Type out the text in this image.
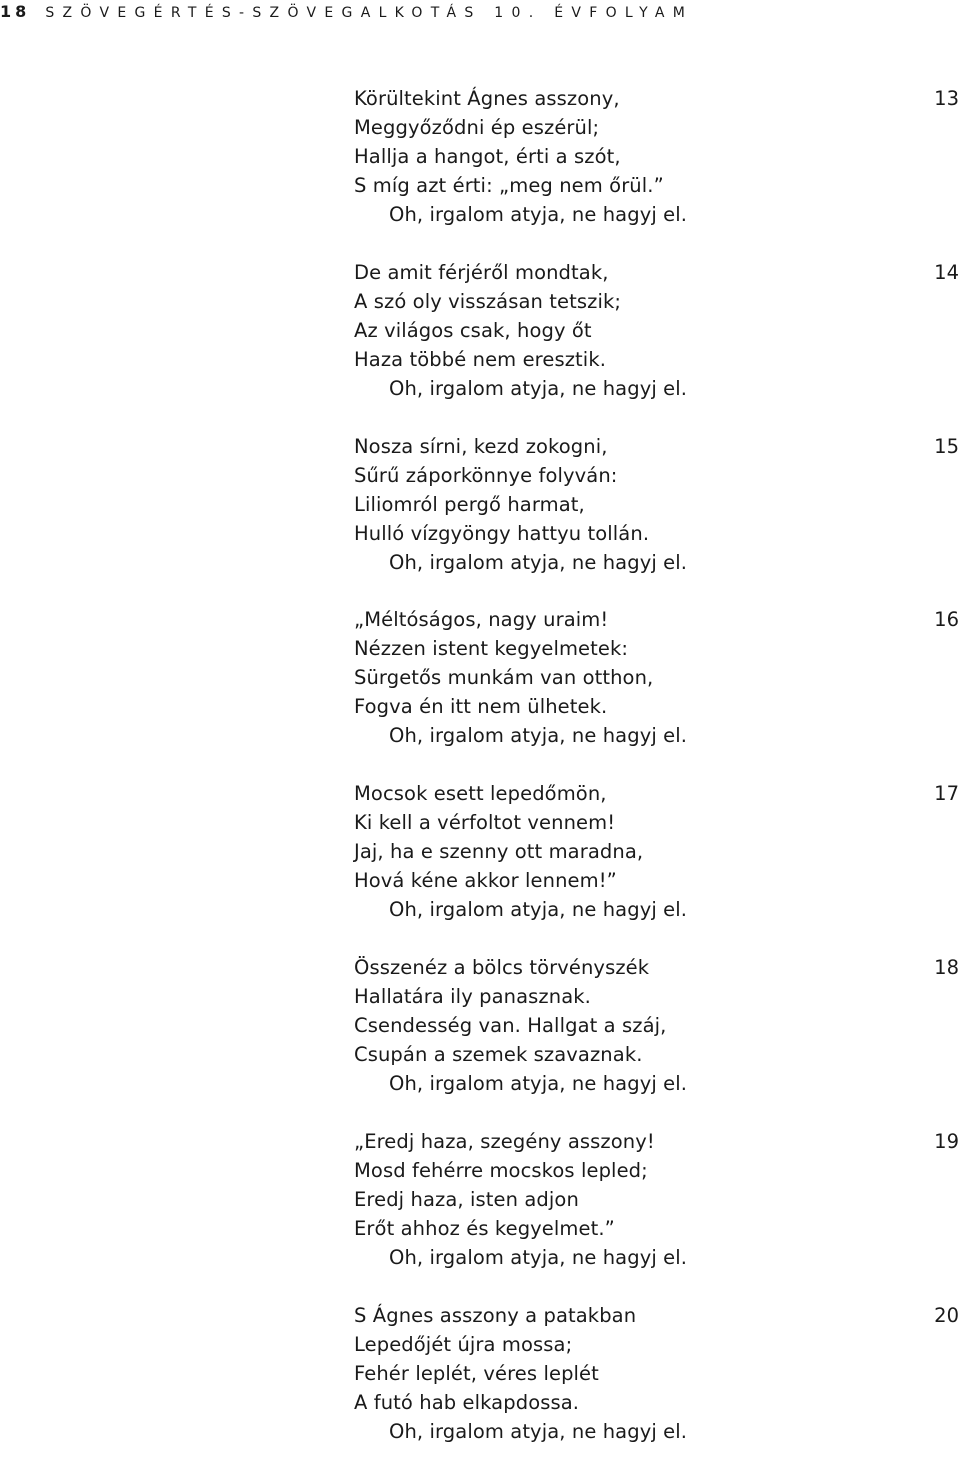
18 SZÖVEGÉRTÉS-SZÖVEGALKOTÁS 10. ÉVFOLYAM
Körültekint Ágnes asszony,
Meggyőződni ép eszérül;
Hallja a hangot, érti a szót,
S míg azt érti: „meg nem őrül.”
Oh, irgalom atyja, ne hagyj el.
13
De amit férjéről mondtak,
A szó oly visszásan tetszik;
Az világos csak, hogy őt
Haza többé nem eresztik.
Oh, irgalom atyja, ne hagyj el.
14
Nosza sírni, kezd zokogni,
Sűrű záporkönnye folyván:
Liliomról pergő harmat,
Hulló vízgyöngy hattyu tollán.
Oh, irgalom atyja, ne hagyj el.
15
„Méltóságos, nagy uraim!
Nézzen istent kegyelmetek:
Sürgetős munkám van otthon,
Fogva én itt nem ülhetek.
Oh, irgalom atyja, ne hagyj el.
16
Mocsok esett lepedőmön,
Ki kell a vérfoltot vennem!
Jaj, ha e szenny ott maradna,
Hová kéne akkor lennem!”
Oh, irgalom atyja, ne hagyj el.
17
Összenéz a bölcs törvényszék
Hallatára ily panasznak.
Csendesség van. Hallgat a száj,
Csupán a szemek szavaznak.
Oh, irgalom atyja, ne hagyj el.
18
„Eredj haza, szegény asszony!
Mosd fehérre mocskos lepled;
Eredj haza, isten adjon
Erőt ahhoz és kegyelmet.”
Oh, irgalom atyja, ne hagyj el.
19
S Ágnes asszony a patakban
Lepedőjét újra mossa;
Fehér leplét, véres leplét
A futó hab elkapdossa.
Oh, irgalom atyja, ne hagyj el.
20
